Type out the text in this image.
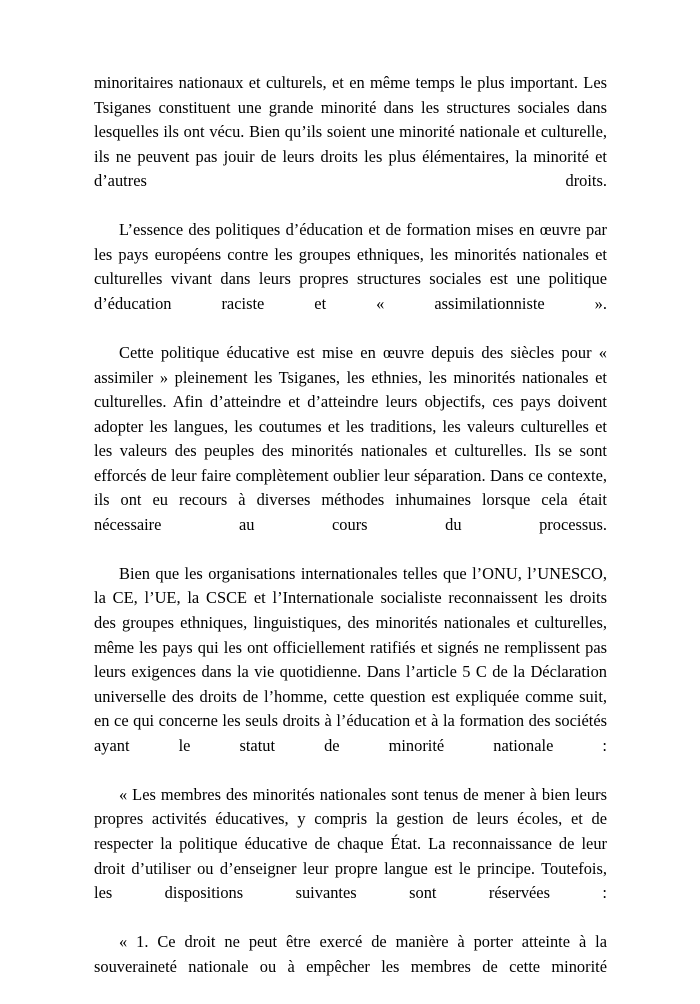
minoritaires nationaux et culturels, et en même temps le plus important. Les Tsiganes constituent une grande minorité dans les structures sociales dans lesquelles ils ont vécu. Bien qu’ils soient une minorité nationale et culturelle, ils ne peuvent pas jouir de leurs droits les plus élémentaires, la minorité et d’autres droits.

L’essence des politiques d’éducation et de formation mises en œuvre par les pays européens contre les groupes ethniques, les minorités nationales et culturelles vivant dans leurs propres structures sociales est une politique d’éducation raciste et « assimilationniste ».

Cette politique éducative est mise en œuvre depuis des siècles pour « assimiler » pleinement les Tsiganes, les ethnies, les minorités nationales et culturelles. Afin d’atteindre et d’atteindre leurs objectifs, ces pays doivent adopter les langues, les coutumes et les traditions, les valeurs culturelles et les valeurs des peuples des minorités nationales et culturelles. Ils se sont efforcés de leur faire complètement oublier leur séparation. Dans ce contexte, ils ont eu recours à diverses méthodes inhumaines lorsque cela était nécessaire au cours du processus.

Bien que les organisations internationales telles que l’ONU, l’UNESCO, la CE, l’UE, la CSCE et l’Internationale socialiste reconnaissent les droits des groupes ethniques, linguistiques, des minorités nationales et culturelles, même les pays qui les ont officiellement ratifiés et signés ne remplissent pas leurs exigences dans la vie quotidienne. Dans l’article 5 C de la Déclaration universelle des droits de l’homme, cette question est expliquée comme suit, en ce qui concerne les seuls droits à l’éducation et à la formation des sociétés ayant le statut de minorité nationale :

« Les membres des minorités nationales sont tenus de mener à bien leurs propres activités éducatives, y compris la gestion de leurs écoles, et de respecter la politique éducative de chaque État. La reconnaissance de leur droit d’utiliser ou d’enseigner leur propre langue est le principe. Toutefois, les dispositions suivantes sont réservées :

« 1. Ce droit ne peut être exercé de manière à porter atteinte à la souveraineté nationale ou à empêcher les membres de cette minorité
